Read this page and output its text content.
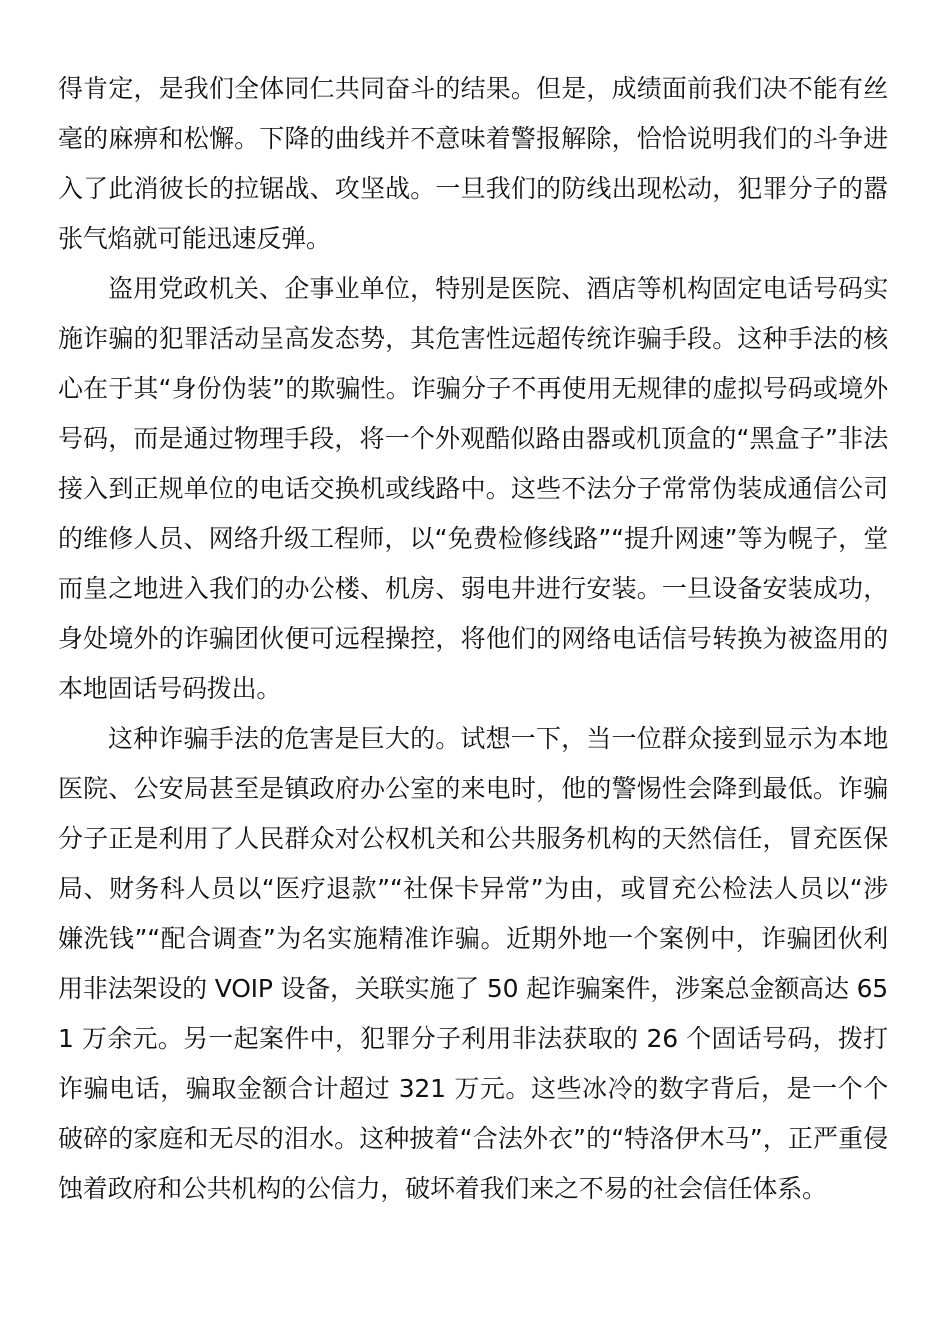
得肯定，是我们全体同仁共同奋斗的结果。但是，成绩面前我们决不能有丝毫的麻痹和松懈。下降的曲线并不意味着警报解除，恰恰说明我们的斗争进入了此消彼长的拉锯战、攻坚战。一旦我们的防线出现松动，犯罪分子的嚣张气焰就可能迅速反弹。

盗用党政机关、企事业单位，特别是医院、酒店等机构固定电话号码实施诈骗的犯罪活动呈高发态势，其危害性远超传统诈骗手段。这种手法的核心在于其“身份伪装”的欺骗性。诈骗分子不再使用无规律的虚拟号码或境外号码，而是通过物理手段，将一个外观酷似路由器或机顶盒的“黑盒子”非法接入到正规单位的电话交换机或线路中。这些不法分子常常伪装成通信公司的维修人员、网络升级工程师，以“免费检修线路”“提升网速”等为幌子，堂而皇之地进入我们的办公楼、机房、弱电井进行安装。一旦设备安装成功，身处境外的诈骗团伙便可远程操控，将他们的网络电话信号转换为被盗用的本地固话号码拨出。

这种诈骗手法的危害是巨大的。试想一下，当一位群众接到显示为本地医院、公安局甚至是镇政府办公室的来电时，他的警惕性会降到最低。诈骗分子正是利用了人民群众对公权机关和公共服务机构的天然信任，冒充医保局、财务科人员以“医疗退款”“社保卡异常”为由，或冒充公检法人员以“涉嫌洗钱”“配合调查”为名实施精准诈骗。近期外地一个案例中，诈骗团伙利用非法架设的 VOIP 设备，关联实施了 50 起诈骗案件，涉案总金额高达 651 万余元。另一起案件中，犯罪分子利用非法获取的 26 个固话号码，拨打诈骗电话，骗取金额合计超过 321 万元。这些冰冷的数字背后，是一个个破碎的家庭和无尽的泪水。这种披着“合法外衣”的“特洛伊木马”，正严重侵蚀着政府和公共机构的公信力，破坏着我们来之不易的社会信任体系。
